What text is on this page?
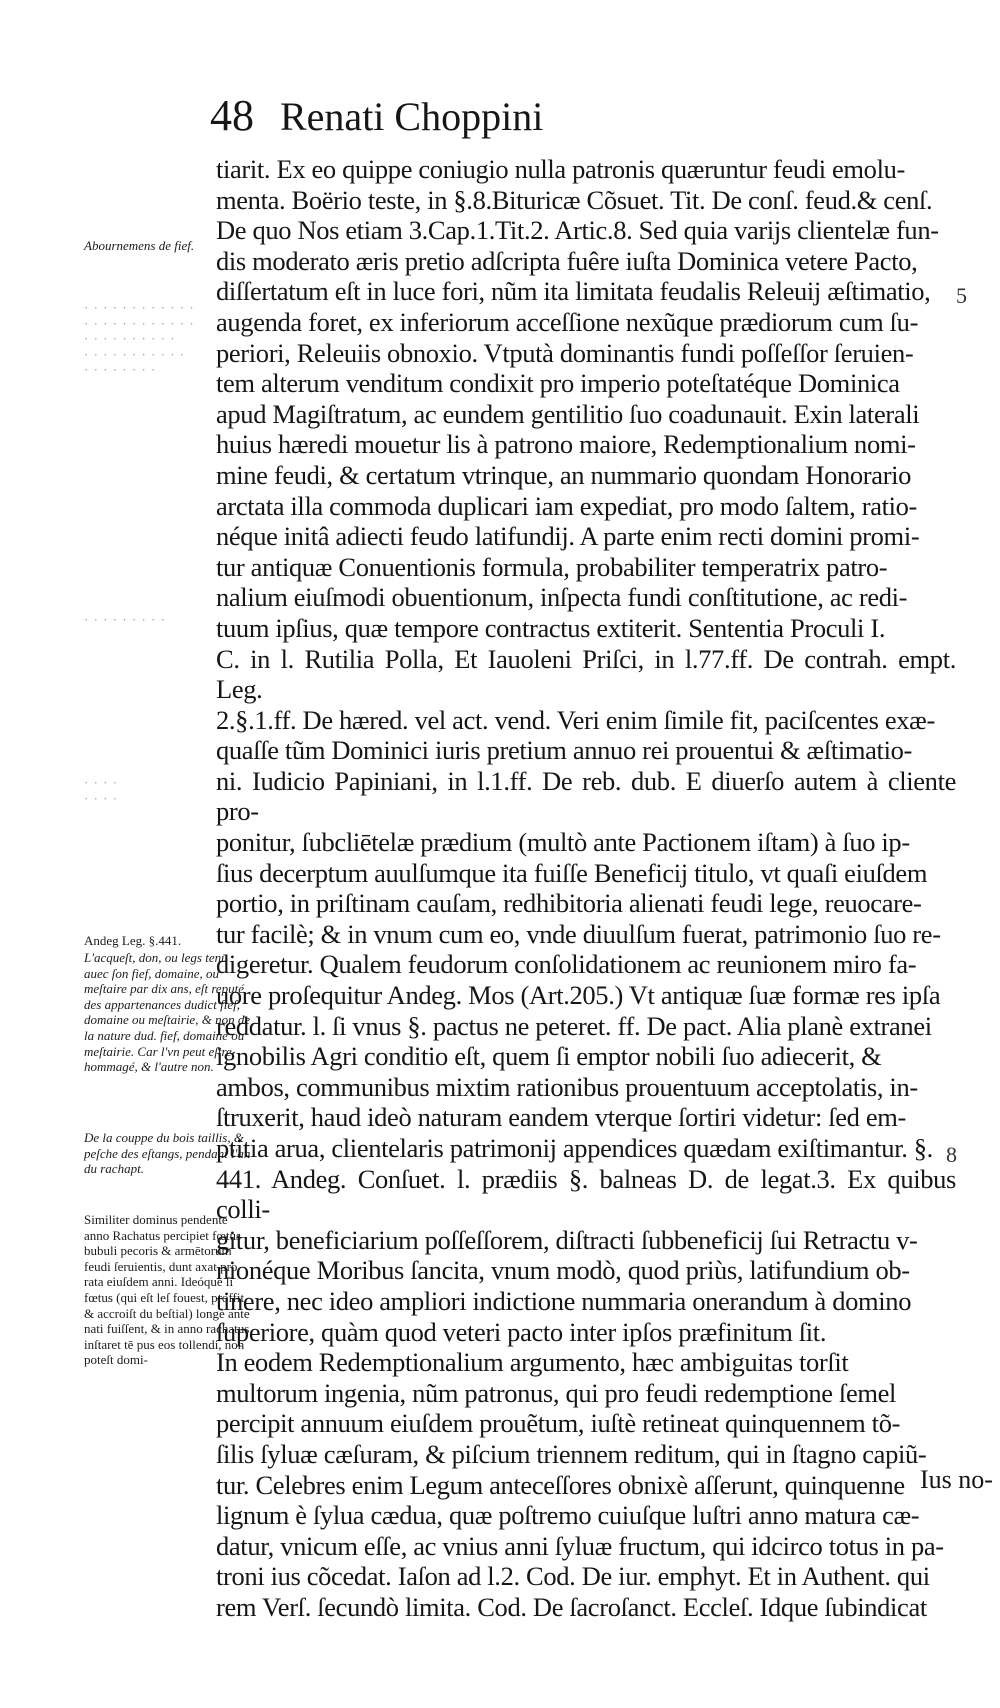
48 Renati Choppini

tiarit. Ex eo quippe coniugio nulla patronis quæruntur feudi emolu-
menta. Boërio teste, in §.8.Bituricæ Cõsuet. Tit. De conſ. feud.& cenſ.
De quo Nos etiam 3.Cap.1.Tit.2. Artic.8. Sed quia varijs clientelæ fun-
dis moderato æris pretio adſcripta fuêre iuſta Dominica vetere Pacto,
diſſertatum eſt in luce fori, nũm ita limitata feudalis Releuij æſtimatio,
augenda foret, ex inferiorum acceſſione nexũque prædiorum cum ſu-
periori, Releuiis obnoxio. Vtputà dominantis fundi poſſeſſor ſeruien-
tem alterum venditum condixit pro imperio poteſtatéque Dominica
apud Magiſtratum, ac eundem gentilitio ſuo coadunauit. Exin laterali
huius hæredi mouetur lis à patrono maiore, Redemptionalium nomi-
mine feudi, & certatum vtrinque, an nummario quondam Honorario
arctata illa commoda duplicari iam expediat, pro modo ſaltem, ratio-
néque initâ adiecti feudo latifundij. A parte enim recti domini promi-
tur antiquæ Conuentionis formula, probabiliter temperatrix patro-
nalium eiuſmodi obuentionum, inſpecta fundi conſtitutione, ac redi-
tuum ipſius, quæ tempore contractus extiterit. Sententia Proculi I.
C. in l. Rutilia Polla, Et Iauoleni Priſci, in l.77.ff. De contrah. empt. Leg.
2.§.1.ff. De hæred. vel act. vend. Veri enim ſimile fit, paciſcentes exæ-
quaſſe tũm Dominici iuris pretium annuo rei prouentui & æſtimatio-
ni. Iudicio Papiniani, in l.1.ff. De reb. dub. E diuerſo autem à cliente pro-
ponitur, ſubcliētelæ prædium (multò ante Pactionem iſtam) à ſuo ip-
ſius decerptum auulſumque ita fuiſſe Beneficij titulo, vt quaſi eiuſdem
portio, in priſtinam cauſam, redhibitoria alienati feudi lege, reuocare-
tur facilè; & in vnum cum eo, vnde diuulſum fuerat, patrimonio ſuo re-
digeretur. Qualem feudorum conſolidationem ac reunionem miro fa-
uore proſequitur Andeg. Mos (Art.205.) Vt antiquæ ſuæ formæ res ipſa
reddatur. l. ſi vnus §. pactus ne peteret. ff. De pact. Alia planè extranei
ignobilis Agri conditio eſt, quem ſi emptor nobili ſuo adiecerit, &
ambos, communibus mixtim rationibus prouentuum acceptolatis, in-
ſtruxerit, haud ideò naturam eandem vterque ſortiri videtur: ſed em-
ptitia arua, clientelaris patrimonij appendices quædam exiſtimantur. §.
441. Andeg. Conſuet. l. prædiis §. balneas D. de legat.3. Ex quibus colli-
gitur, beneficiarium poſſeſſorem, diſtracti ſubbeneficij ſui Retractu v-
nionéque Moribus ſancita, vnum modò, quod priùs, latifundium ob-
tinere, nec ideo ampliori indictione nummaria onerandum à domino
ſuperiore, quàm quod veteri pacto inter ipſos præfinitum ſit.

In eodem Redemptionalium argumento, hæc ambiguitas torſit
multorum ingenia, nũm patronus, qui pro feudi redemptione ſemel
percipit annuum eiuſdem prouẽtum, iuſtè retineat quinquennem tõ-
ſilis ſyluæ cæſuram, & piſcium triennem reditum, qui in ſtagno capiũ-
tur. Celebres enim Legum anteceſſores obnixè aſſerunt, quinquenne
lignum è ſylua cædua, quæ poſtremo cuiuſque luſtri anno matura cæ-
datur, vnicum eſſe, ac vnius anni ſyluæ fructum, qui idcirco totus in pa-
troni ius cõcedat. Iaſon ad l.2. Cod. De iur. emphyt. Et in Authent. qui
rem Verſ. ſecundò limita. Cod. De ſacroſanct. Eccleſ. Idque ſubindicat

Ius no-
5
8
Abournemens de fief.
· · · · · · · · · · · ·
· · · · · · · · · · · ·
· · · · · · · · · ·
· · · · · · · · · · ·
· · · · · · · ·
· · · · · · · · ·
· · · ·
· · · ·
Andeg Leg. §.441.
L'acqueſt, don, ou legs tenu auec ſon fief, domaine, ou meſtaire par dix ans, eſt reputé des appartenances dudict fief, domaine ou meſtairie, & non de la nature dud. fief, domaine ou meſtairie. Car l'vn peut eſtre hommagé, & l'autre non.
De la couppe du bois taillis, & peſche des eſtangs, pendant l'an du rachapt.
Similiter dominus pendente anno Rachatus percipiet fœtus bubuli pecoris & armētorum feudi ſeruientis, dunt axat pro rata eiuſdem anni. Ideóque ſi fœtus (qui eſt leſ fouest, proffit, & accroiſt du beſtial) longè ante nati fuiſſent, & in anno rachatus inſtaret tē pus eos tollendi, non poteſt domi-
